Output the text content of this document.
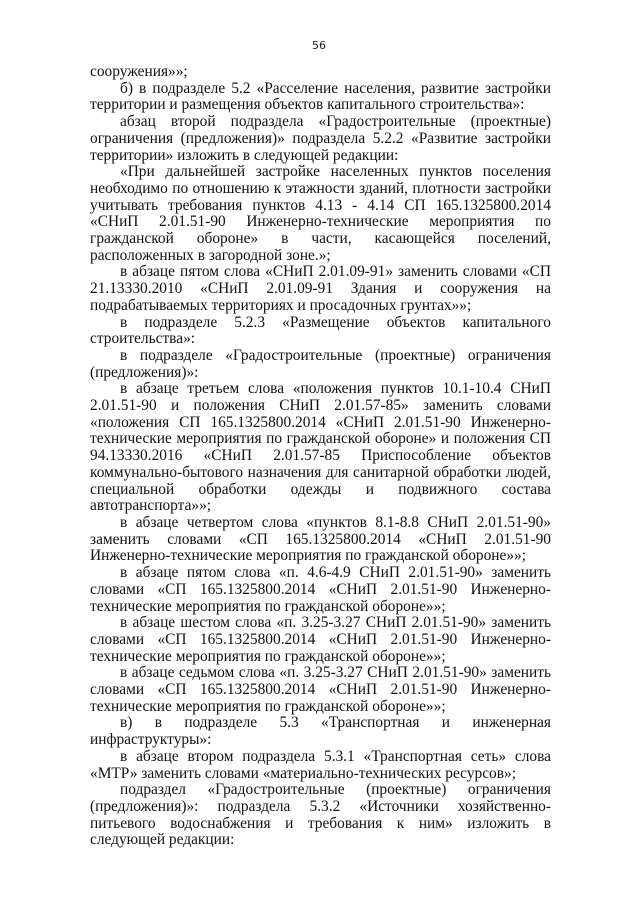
56

сооружения»»;

б) в подразделе 5.2 «Расселение населения, развитие застройки территории и размещения объектов капитального строительства»:

абзац второй подраздела «Градостроительные (проектные) ограничения (предложения)» подраздела 5.2.2 «Развитие застройки территории» изложить в следующей редакции:

«При дальнейшей застройке населенных пунктов поселения необходимо по отношению к этажности зданий, плотности застройки учитывать требования пунктов 4.13 - 4.14 СП 165.1325800.2014 «СНиП 2.01.51-90 Инженерно-технические мероприятия по гражданской обороне» в части, касающейся поселений, расположенных в загородной зоне.»;

в абзаце пятом слова «СНиП 2.01.09-91» заменить словами «СП 21.13330.2010 «СНиП 2.01.09-91 Здания и сооружения на подрабатываемых территориях и просадочных грунтах»»;

в подразделе 5.2.3 «Размещение объектов капитального строительства»:

в подразделе «Градостроительные (проектные) ограничения (предложения)»:

в абзаце третьем слова «положения пунктов 10.1-10.4 СНиП 2.01.51-90 и положения СНиП 2.01.57-85» заменить словами «положения СП 165.1325800.2014 «СНиП 2.01.51-90 Инженерно-технические мероприятия по гражданской обороне» и положения СП 94.13330.2016 «СНиП 2.01.57-85 Приспособление объектов коммунально-бытового назначения для санитарной обработки людей, специальной обработки одежды и подвижного состава автотранспорта»»;

в абзаце четвертом слова «пунктов 8.1-8.8 СНиП 2.01.51-90» заменить словами «СП 165.1325800.2014 «СНиП 2.01.51-90 Инженерно-технические мероприятия по гражданской обороне»»;

в абзаце пятом слова «п. 4.6-4.9 СНиП 2.01.51-90» заменить словами «СП 165.1325800.2014 «СНиП 2.01.51-90 Инженерно-технические мероприятия по гражданской обороне»»;

в абзаце шестом слова «п. 3.25-3.27 СНиП 2.01.51-90» заменить словами «СП 165.1325800.2014 «СНиП 2.01.51-90 Инженерно-технические мероприятия по гражданской обороне»»;

в абзаце седьмом слова «п. 3.25-3.27 СНиП 2.01.51-90» заменить словами «СП 165.1325800.2014 «СНиП 2.01.51-90 Инженерно-технические мероприятия по гражданской обороне»»;

в) в подразделе 5.3 «Транспортная и инженерная инфраструктуры»:

в абзаце втором подраздела 5.3.1 «Транспортная сеть» слова «МТР» заменить словами «материально-технических ресурсов»;

подраздел «Градостроительные (проектные) ограничения (предложения)»: подраздела 5.3.2 «Источники хозяйственно-питьевого водоснабжения и требования к ним» изложить в следующей редакции:
